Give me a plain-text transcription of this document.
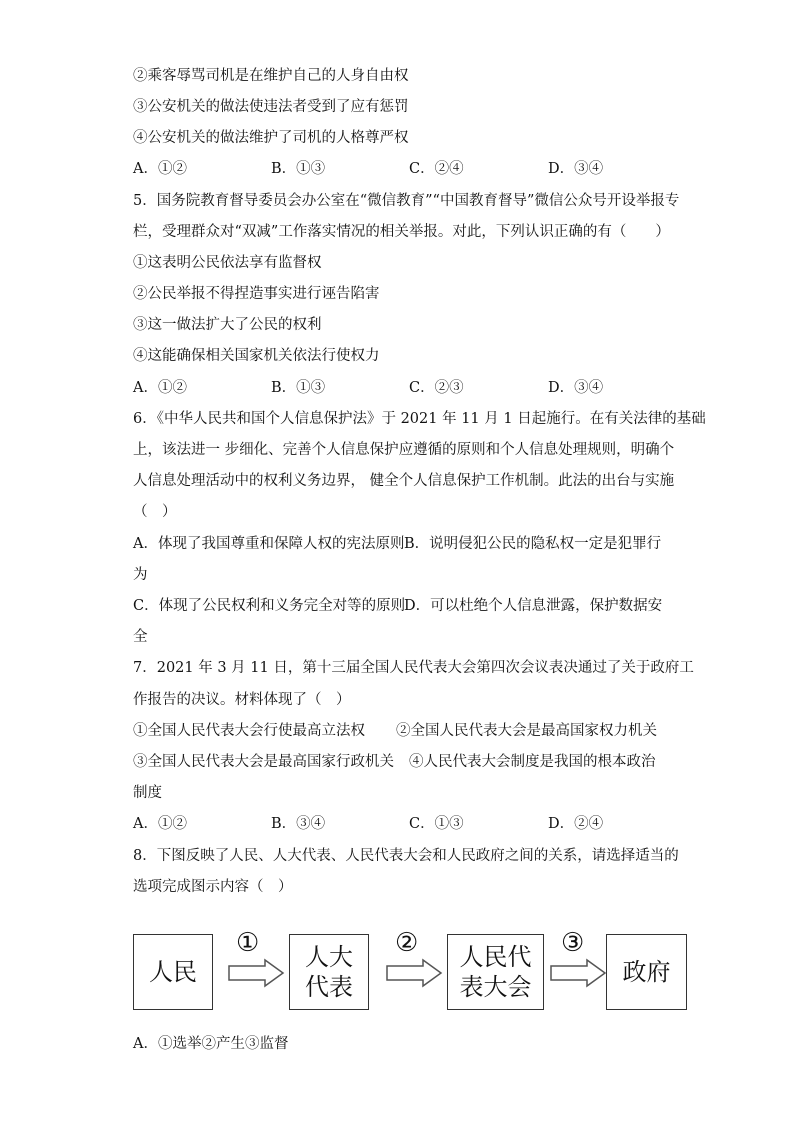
②乘客辱骂司机是在维护自己的人身自由权
③公安机关的做法使违法者受到了应有惩罚
④公安机关的做法维护了司机的人格尊严权
A．①②	B．①③	C．②④	D．③④
5．国务院教育督导委员会办公室在“微信教育”“中国教育督导”微信公众号开设举报专
栏，受理群众对“双减”工作落实情况的相关举报。对此，下列认识正确的有（　　）
①这表明公民依法享有监督权
②公民举报不得捏造事实进行诬告陷害
③这一做法扩大了公民的权利
④这能确保相关国家机关依法行使权力
A．①②	B．①③	C．②③	D．③④
6．《中华人民共和国个人信息保护法》于 2021 年 11 月 1 日起施行。在有关法律的基础
上，该法进一 步细化、完善个人信息保护应遵循的原则和个人信息处理规则，明确个
人信息处理活动中的权利义务边界， 健全个人信息保护工作机制。此法的出台与实施
（　）
A．体现了我国尊重和保障人权的宪法原则 B．说明侵犯公民的隐私权一定是犯罪行
为
C．体现了公民权利和义务完全对等的原则
D．可以杜绝个人信息泄露，保护数据安
全
7．2021 年 3 月 11 日，第十三届全国人民代表大会第四次会议表决通过了关于政府工
作报告的决议。材料体现了（　）
①全国人民代表大会行使最高立法权 ②全国人民代表大会是最高国家权力机关
③全国人民代表大会是最高国家行政机关 ④人民代表大会制度是我国的根本政治
制度
A．①②	B．③④	C．①③	D．②④
8．下图反映了人民、人大代表、人民代表大会和人民政府之间的关系，请选择适当的
选项完成图示内容（　）
人民
① 人大
代表
② 人民代
表大会
③
政府
A．①选举②产生③监督
